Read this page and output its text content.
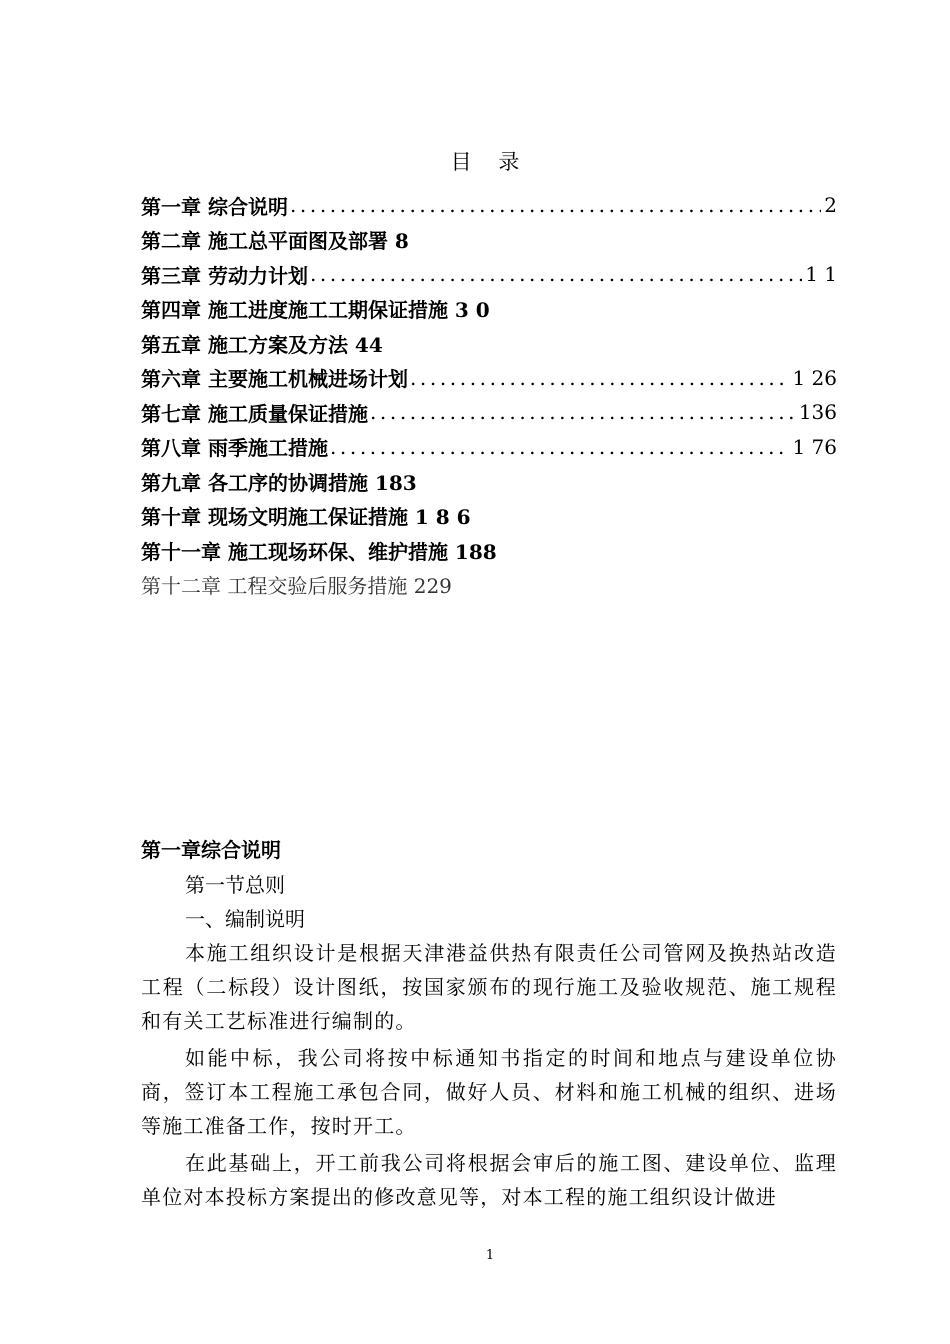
目 录
第一章 综合说明 .....	2
第二章 施工总平面图及部署 8
第三章 劳动力计划 .....	1 1
第四章 施工进度施工工期保证措施 3 0
第五章 施工方案及方法 44
第六章 主要施工机械进场计划 .....	1 26
第七章 施工质量保证措施 .....	136
第八章 雨季施工措施 .....	1 76
第九章 各工序的协调措施 183
第十章 现场文明施工保证措施 1 8 6
第十一章 施工现场环保、维护措施 188
第十二章 工程交验后服务措施 229
第一章综合说明
第一节总则
一、编制说明

本施工组织设计是根据天津港益供热有限责任公司管网及换热站改造工程（二标段）设计图纸，按国家颁布的现行施工及验收规范、施工规程和有关工艺标准进行编制的。

如能中标，我公司将按中标通知书指定的时间和地点与建设单位协商，签订本工程施工承包合同，做好人员、材料和施工机械的组织、进场等施工准备工作，按时开工。

在此基础上，开工前我公司将根据会审后的施工图、建设单位、监理单位对本投标方案提出的修改意见等，对本工程的施工组织设计做进

1
